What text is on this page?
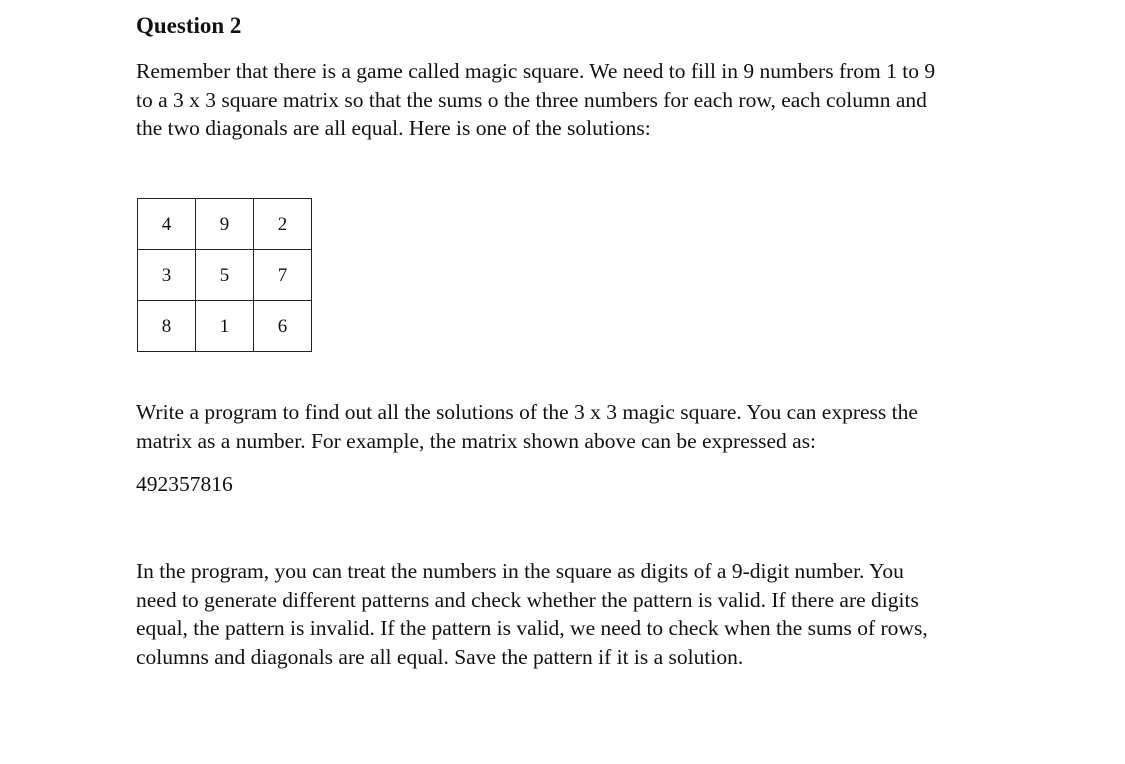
Question 2

Remember that there is a game called magic square. We need to fill in 9 numbers from 1 to 9
to a 3 x 3 square matrix so that the sums o the three numbers for each row, each column and
the two diagonals are all equal. Here is one of the solutions:

Write a program to find out all the solutions of the 3 x 3 magic square. You can express the
matrix as a number. For example, the matrix shown above can be expressed as:

492357816

In the program, you can treat the numbers in the square as digits of a 9-digit number. You
need to generate different patterns and check whether the pattern is valid. If there are digits
equal, the pattern is invalid. If the pattern is valid, we need to check when the sums of rows,
columns and diagonals are all equal. Save the pattern if it is a solution.

4	9	2
3	5	7
8	1	6
